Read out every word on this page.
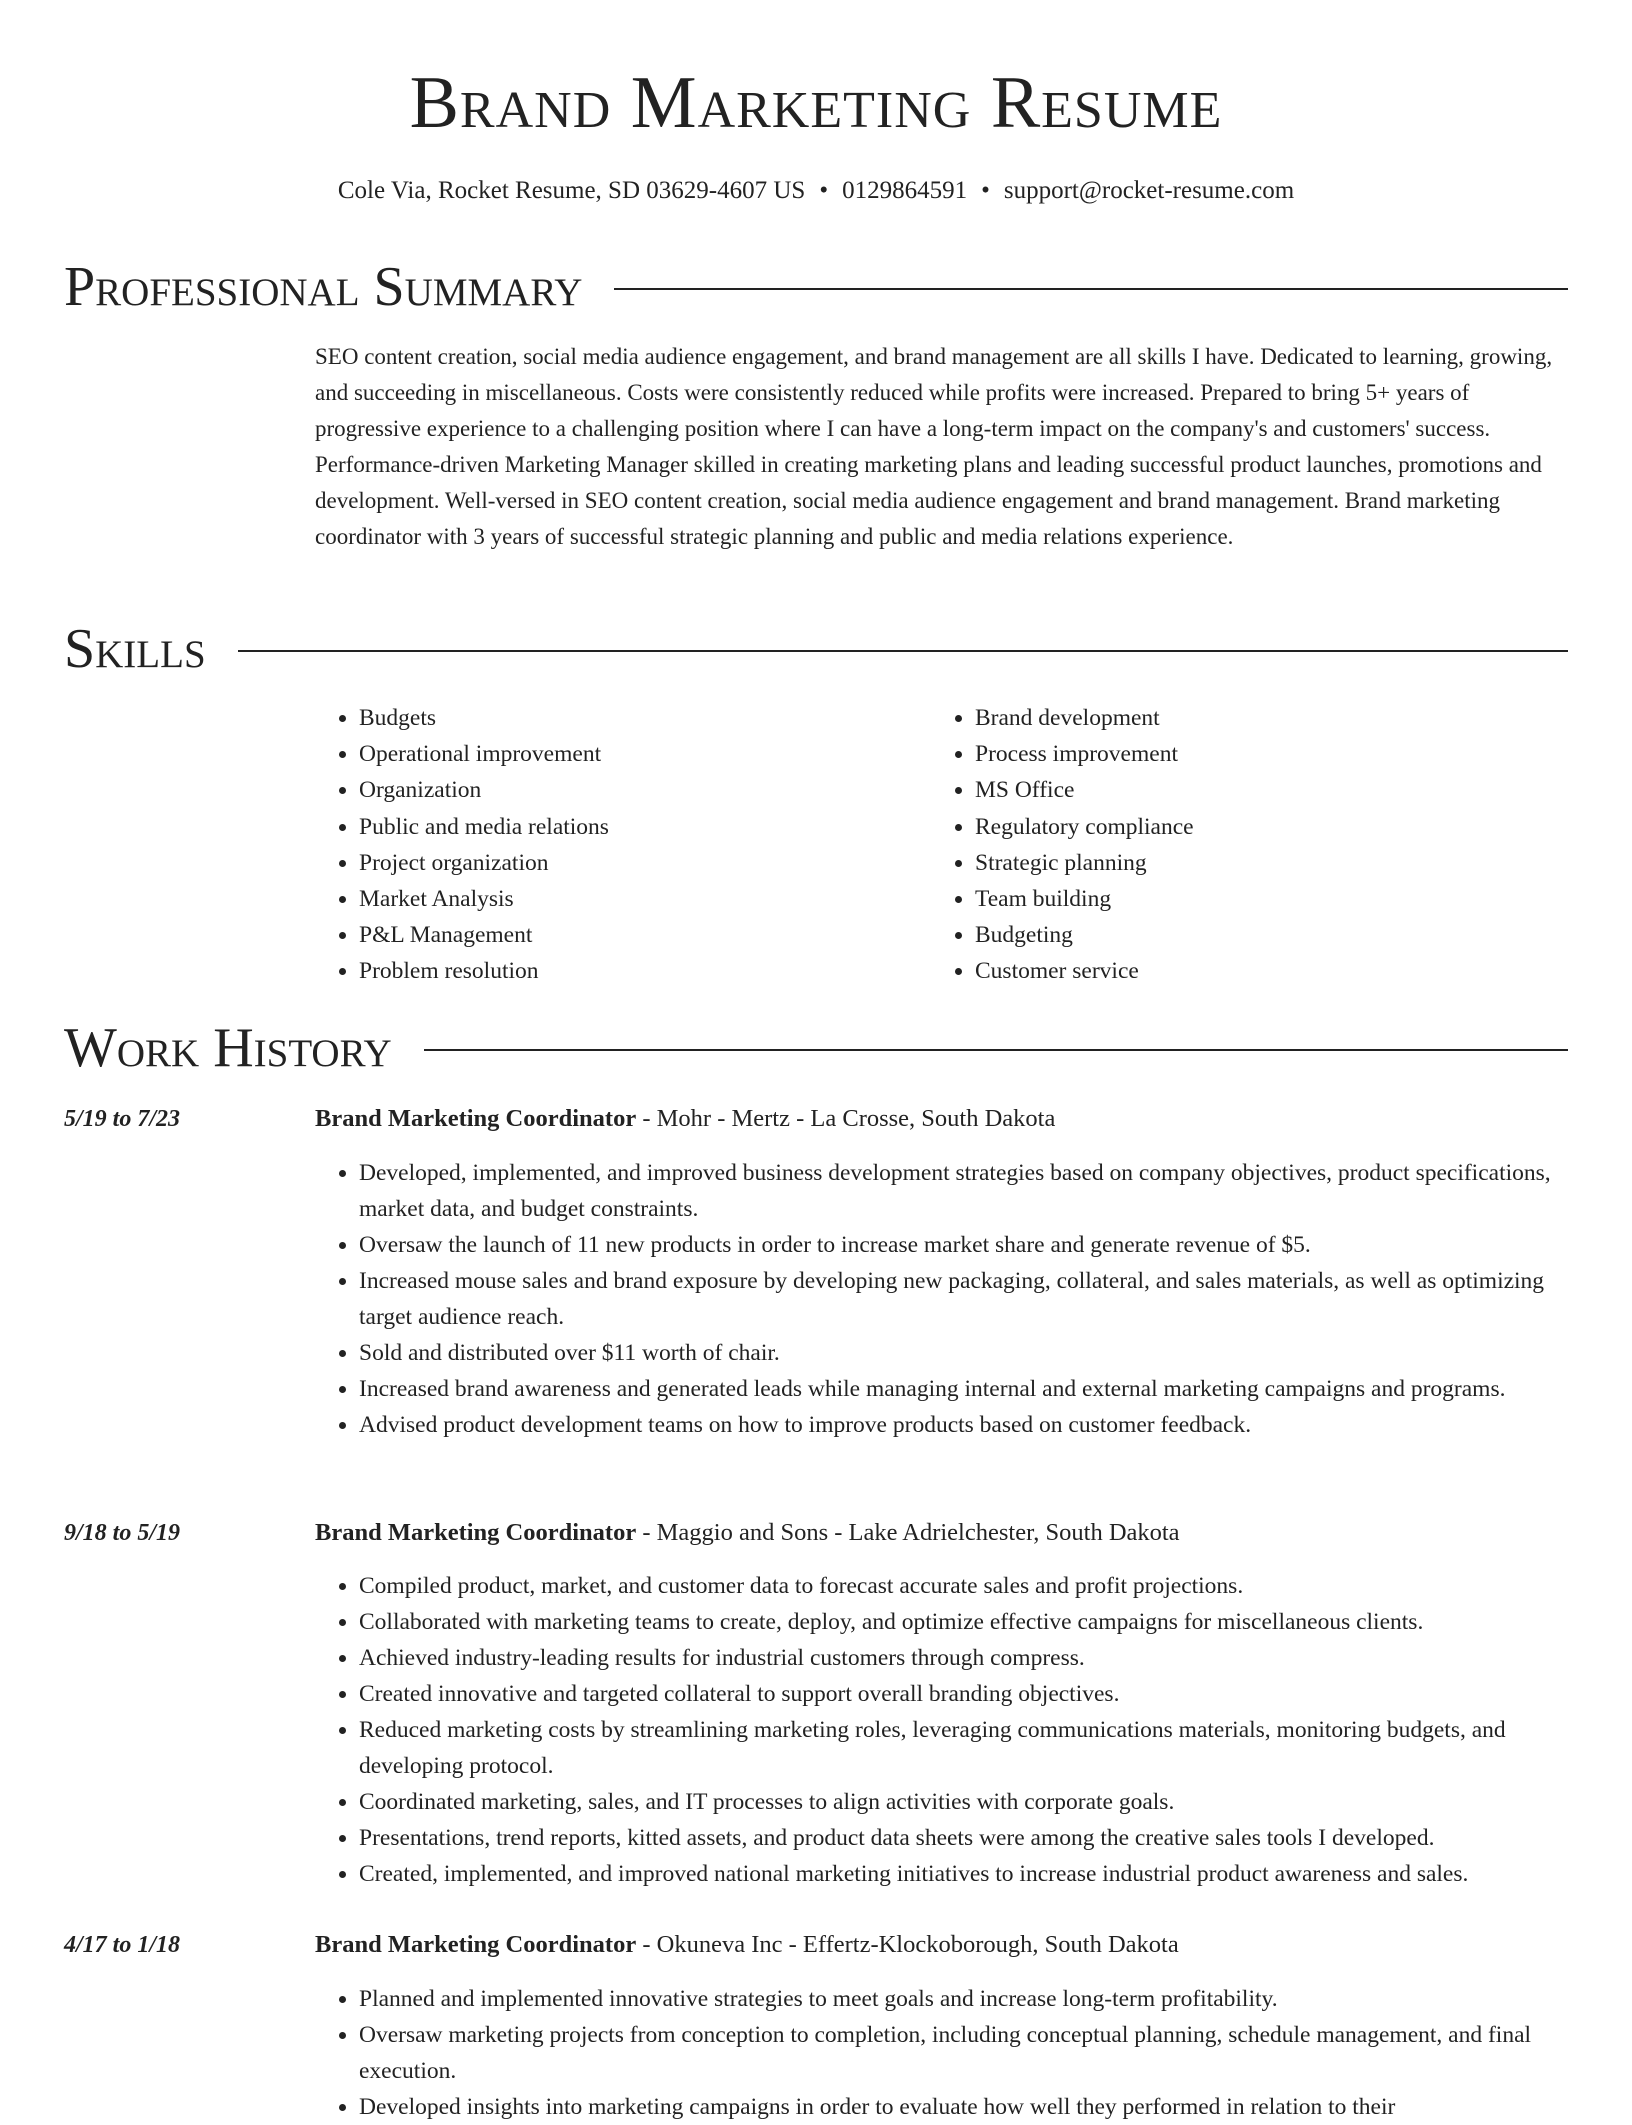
Brand Marketing Resume
Cole Via, Rocket Resume, SD 03629-4607 US • 0129864591 • support@rocket-resume.com
Professional Summary
SEO content creation, social media audience engagement, and brand management are all skills I have. Dedicated to learning, growing, and succeeding in miscellaneous. Costs were consistently reduced while profits were increased. Prepared to bring 5+ years of progressive experience to a challenging position where I can have a long-term impact on the company's and customers' success. Performance-driven Marketing Manager skilled in creating marketing plans and leading successful product launches, promotions and development. Well-versed in SEO content creation, social media audience engagement and brand management. Brand marketing coordinator with 3 years of successful strategic planning and public and media relations experience.
Skills
• Budgets
• Operational improvement
• Organization
• Public and media relations
• Project organization
• Market Analysis
• P&L Management
• Problem resolution
• Brand development
• Process improvement
• MS Office
• Regulatory compliance
• Strategic planning
• Team building
• Budgeting
• Customer service
Work History
5/19 to 7/23	Brand Marketing Coordinator - Mohr - Mertz - La Crosse, South Dakota
• Developed, implemented, and improved business development strategies based on company objectives, product specifications, market data, and budget constraints.
• Oversaw the launch of 11 new products in order to increase market share and generate revenue of $5.
• Increased mouse sales and brand exposure by developing new packaging, collateral, and sales materials, as well as optimizing target audience reach.
• Sold and distributed over $11 worth of chair.
• Increased brand awareness and generated leads while managing internal and external marketing campaigns and programs.
• Advised product development teams on how to improve products based on customer feedback.
9/18 to 5/19	Brand Marketing Coordinator - Maggio and Sons - Lake Adrielchester, South Dakota
• Compiled product, market, and customer data to forecast accurate sales and profit projections.
• Collaborated with marketing teams to create, deploy, and optimize effective campaigns for miscellaneous clients.
• Achieved industry-leading results for industrial customers through compress.
• Created innovative and targeted collateral to support overall branding objectives.
• Reduced marketing costs by streamlining marketing roles, leveraging communications materials, monitoring budgets, and developing protocol.
• Coordinated marketing, sales, and IT processes to align activities with corporate goals.
• Presentations, trend reports, kitted assets, and product data sheets were among the creative sales tools I developed.
• Created, implemented, and improved national marketing initiatives to increase industrial product awareness and sales.
4/17 to 1/18	Brand Marketing Coordinator - Okuneva Inc - Effertz-Klockoborough, South Dakota
• Planned and implemented innovative strategies to meet goals and increase long-term profitability.
• Oversaw marketing projects from conception to completion, including conceptual planning, schedule management, and final execution.
• Developed insights into marketing campaigns in order to evaluate how well they performed in relation to their
